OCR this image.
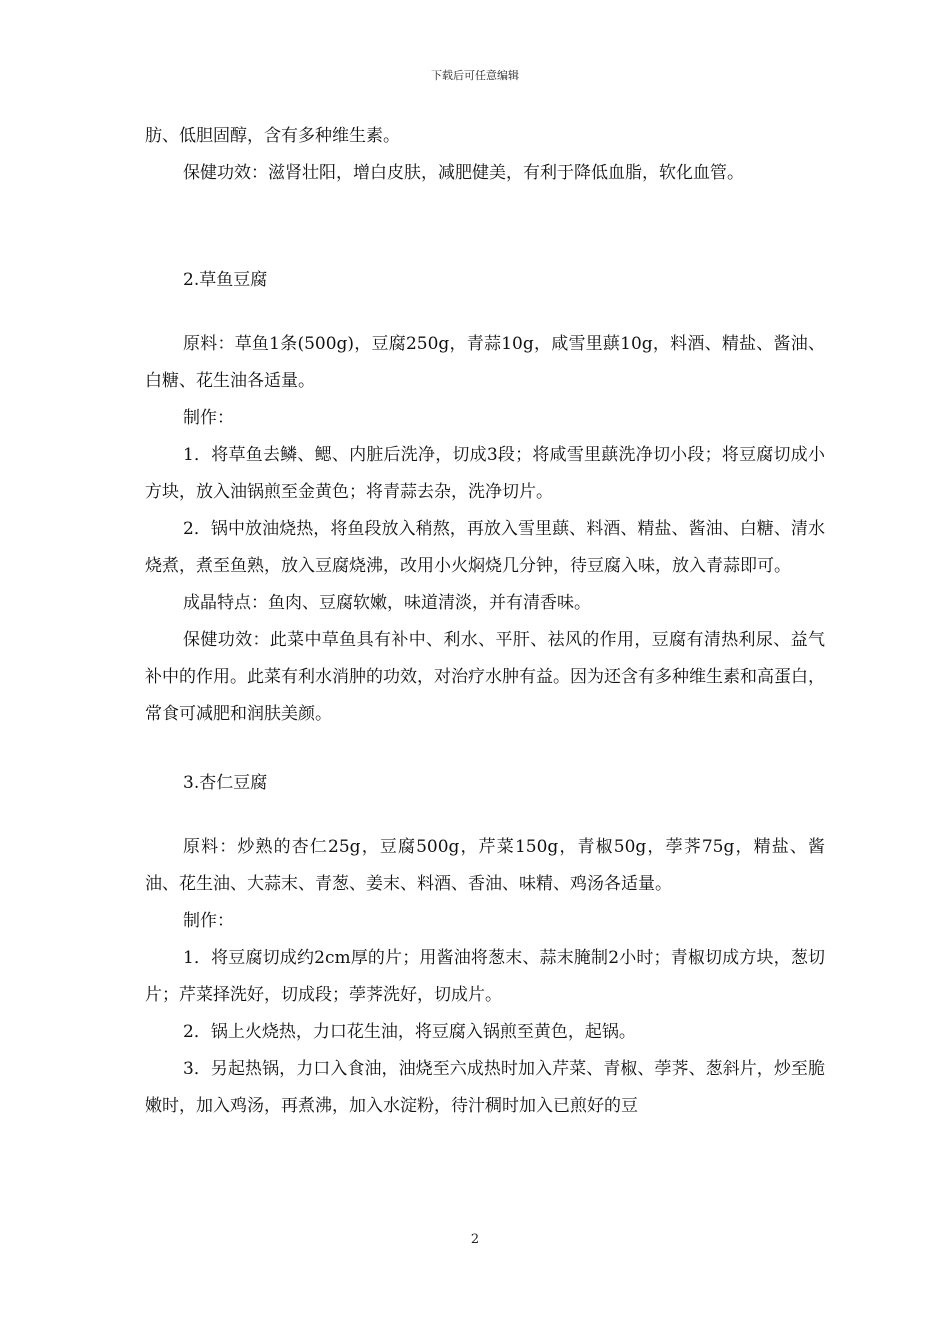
下载后可任意编辑

肪、低胆固醇，含有多种维生素。

保健功效：滋肾壮阳，增白皮肤，减肥健美，有利于降低血脂，软化血管。

2.草鱼豆腐

原料：草鱼1条(500g)，豆腐250g，青蒜10g，咸雪里蕻10g，料酒、精盐、酱油、白糖、花生油各适量。

制作：

1．将草鱼去鳞、鳃、内脏后洗净，切成3段；将咸雪里蕻洗净切小段；将豆腐切成小方块，放入油锅煎至金黄色；将青蒜去杂，洗净切片。

2．锅中放油烧热，将鱼段放入稍熬，再放入雪里蕻、料酒、精盐、酱油、白糖、清水烧煮，煮至鱼熟，放入豆腐烧沸，改用小火焖烧几分钟，待豆腐入味，放入青蒜即可。

成晶特点：鱼肉、豆腐软嫩，味道清淡，并有清香味。

保健功效：此菜中草鱼具有补中、利水、平肝、祛风的作用，豆腐有清热利尿、益气补中的作用。此菜有利水消肿的功效，对治疗水肿有益。因为还含有多种维生素和高蛋白，常食可减肥和润肤美颜。

3.杏仁豆腐

原料：炒熟的杏仁25g，豆腐500g，芹菜150g，青椒50g，荸荠75g，精盐、酱油、花生油、大蒜末、青葱、姜末、料酒、香油、味精、鸡汤各适量。

制作：

1．将豆腐切成约2cm厚的片；用酱油将葱末、蒜末腌制2小时；青椒切成方块，葱切片；芹菜择洗好，切成段；荸荠洗好，切成片。

2．锅上火烧热，力口花生油，将豆腐入锅煎至黄色，起锅。

3．另起热锅，力口入食油，油烧至六成热时加入芹菜、青椒、荸荠、葱斜片，炒至脆嫩时，加入鸡汤，再煮沸，加入水淀粉，待汁稠时加入已煎好的豆

2
